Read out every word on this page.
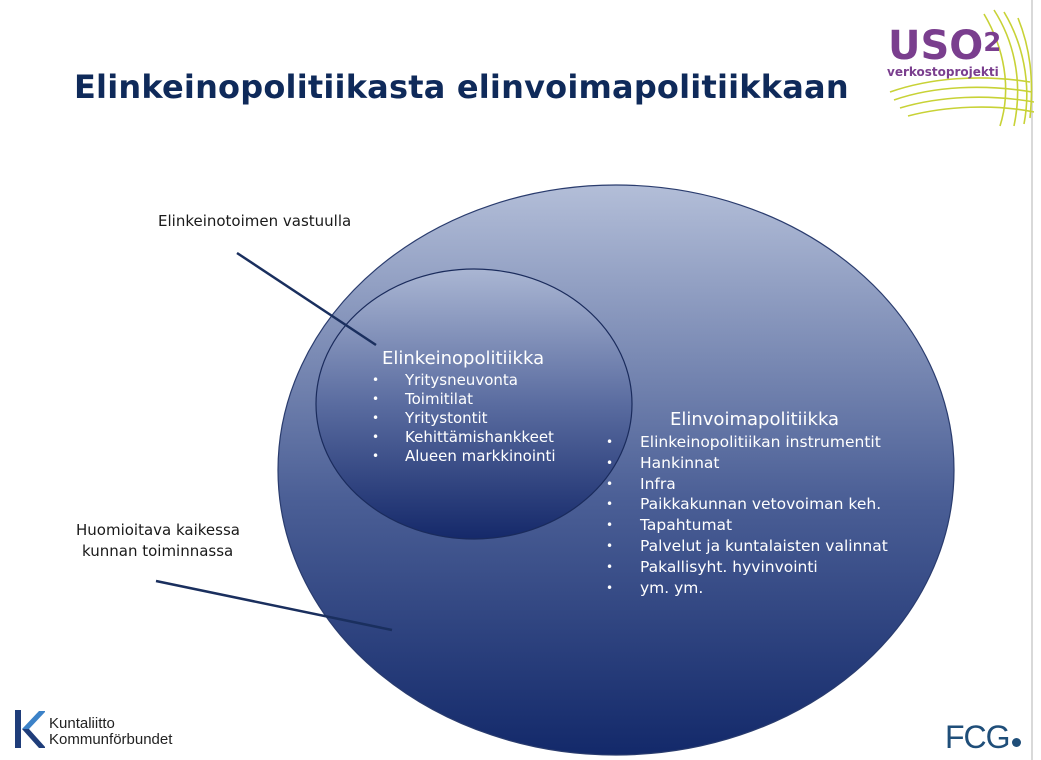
Elinkeinopolitiikasta elinvoimapolitiikkaan
USO$^2$
verkostoprojekti
Elinkeinotoimen vastuulla
Huomioitava kaikessa
kunnan toiminnassa
Elinkeinopolitiikka
• Yritysneuvonta
• Toimitilat
• Yritystontit
• Kehittämishankkeet
• Alueen markkinointi
Elinvoimapolitiikka
• Elinkeinopolitiikan instrumentit
• Hankinnat
• Infra
• Paikkakunnan vetovoiman keh.
• Tapahtumat
• Palvelut ja kuntalaisten valinnat
• Pakallisyht. hyvinvointi
• ym. ym.
Kuntaliitto
Kommunförbundet	FCG
